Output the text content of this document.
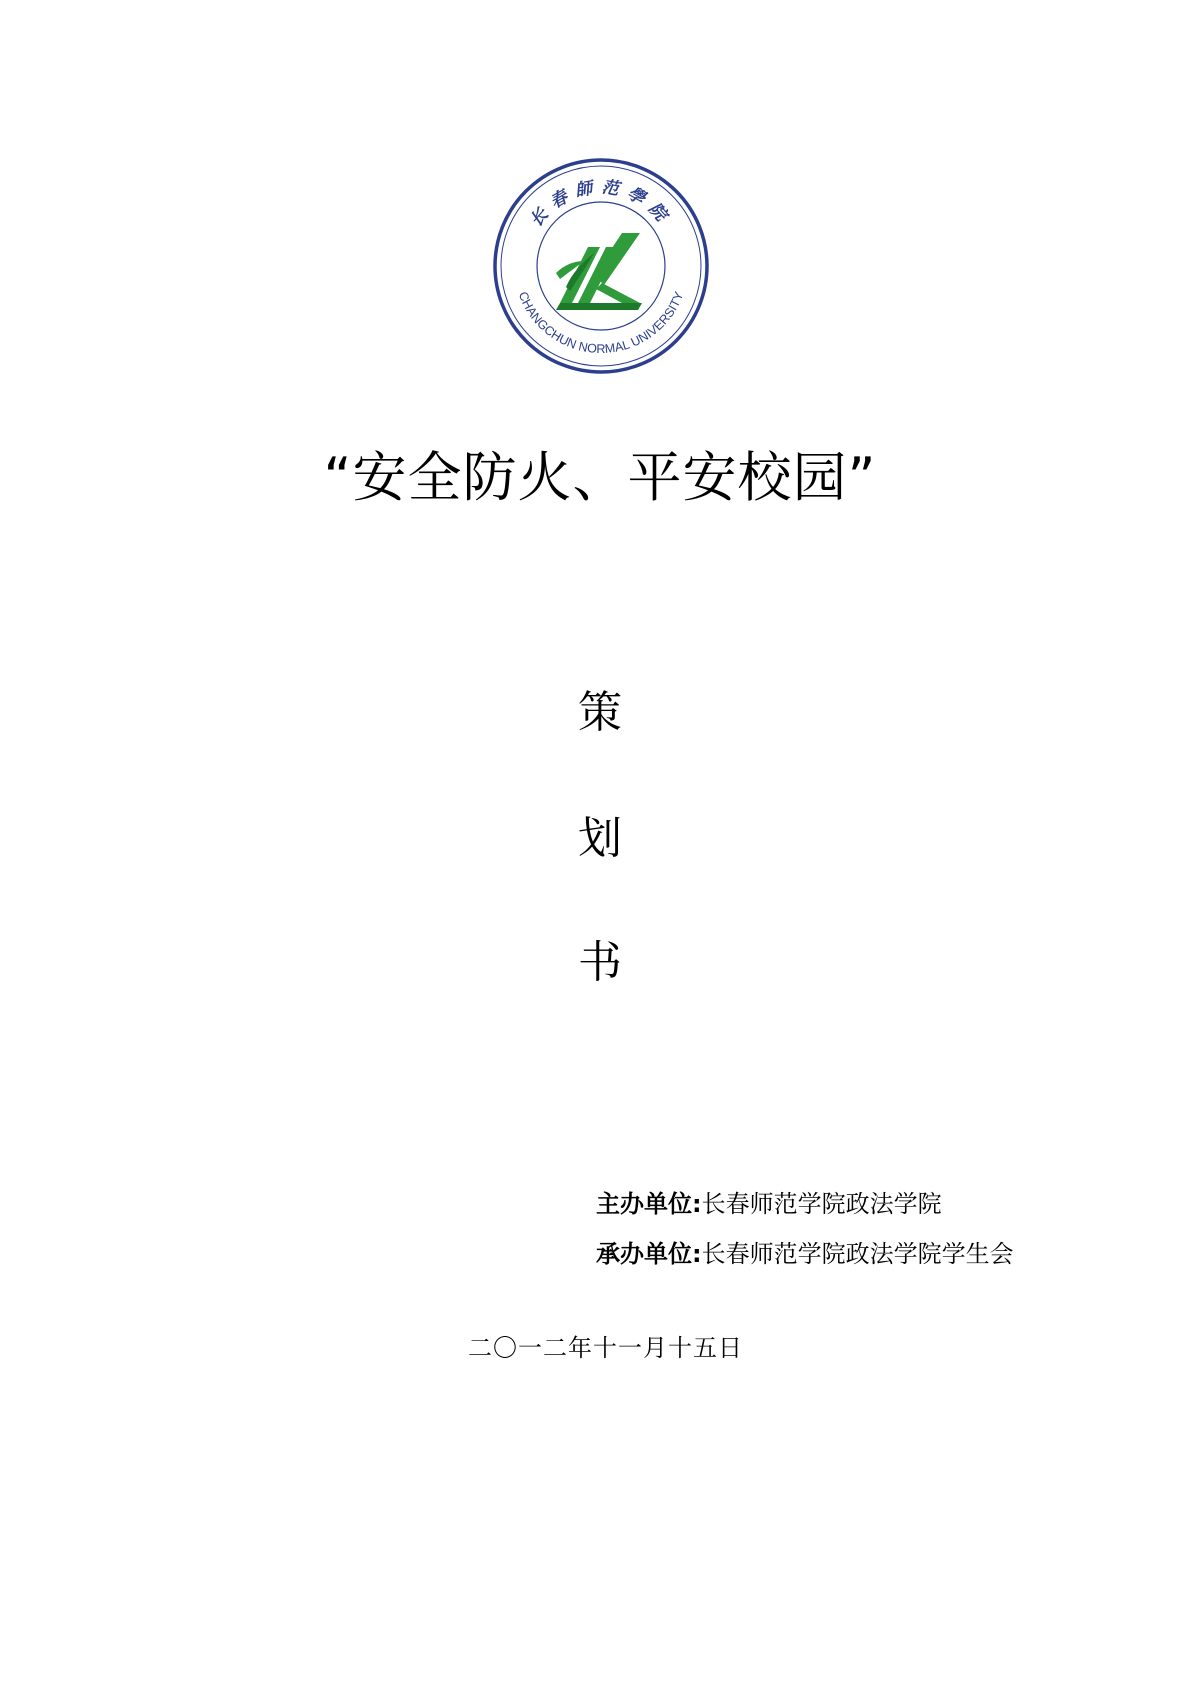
长春師范學院
CHANGCHUN NORMAL UNIVERSITY
“安全防火、平安校园”
策
划
书
主办单位:长春师范学院政法学院
承办单位:长春师范学院政法学院学生会
二〇一二年十一月十五日
